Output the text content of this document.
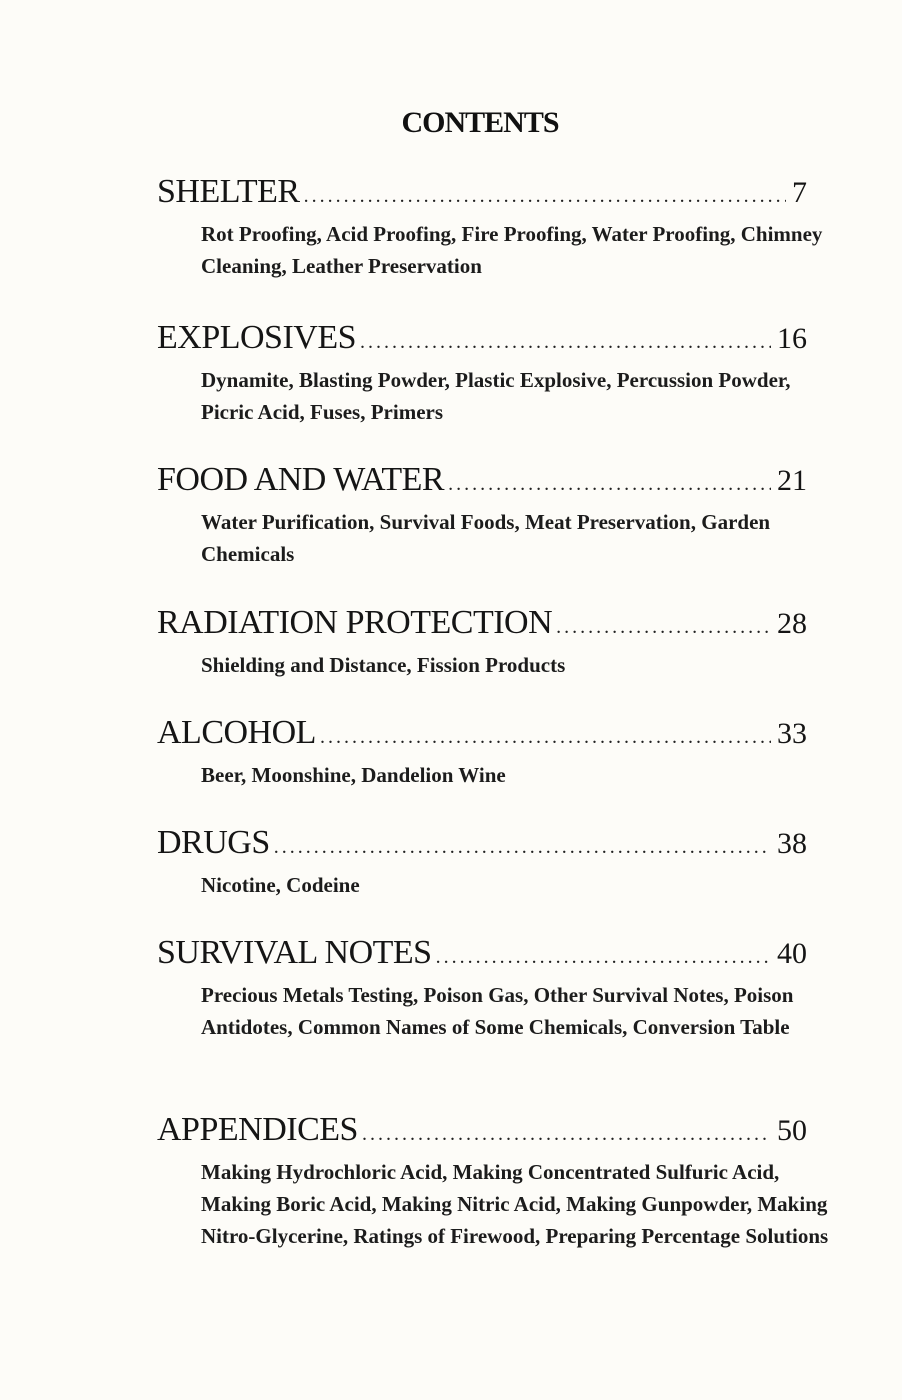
CONTENTS
SHELTER .....	7
Rot Proofing, Acid Proofing, Fire Proofing, Water Proofing, Chimney Cleaning, Leather Preservation
EXPLOSIVES .....	16
Dynamite, Blasting Powder, Plastic Explosive, Percussion Powder, Picric Acid, Fuses, Primers
FOOD AND WATER .....	21
Water Purification, Survival Foods, Meat Preservation, Garden Chemicals
RADIATION PROTECTION .....	28
Shielding and Distance, Fission Products
ALCOHOL .....	33
Beer, Moonshine, Dandelion Wine
DRUGS .....	38
Nicotine, Codeine
SURVIVAL NOTES .....	40
Precious Metals Testing, Poison Gas, Other Survival Notes, Poison Antidotes, Common Names of Some Chemicals, Conversion Table
APPENDICES .....	50
Making Hydrochloric Acid, Making Concentrated Sulfuric Acid, Making Boric Acid, Making Nitric Acid, Making Gunpowder, Making Nitro-Glycerine, Ratings of Firewood, Preparing Percentage Solutions
